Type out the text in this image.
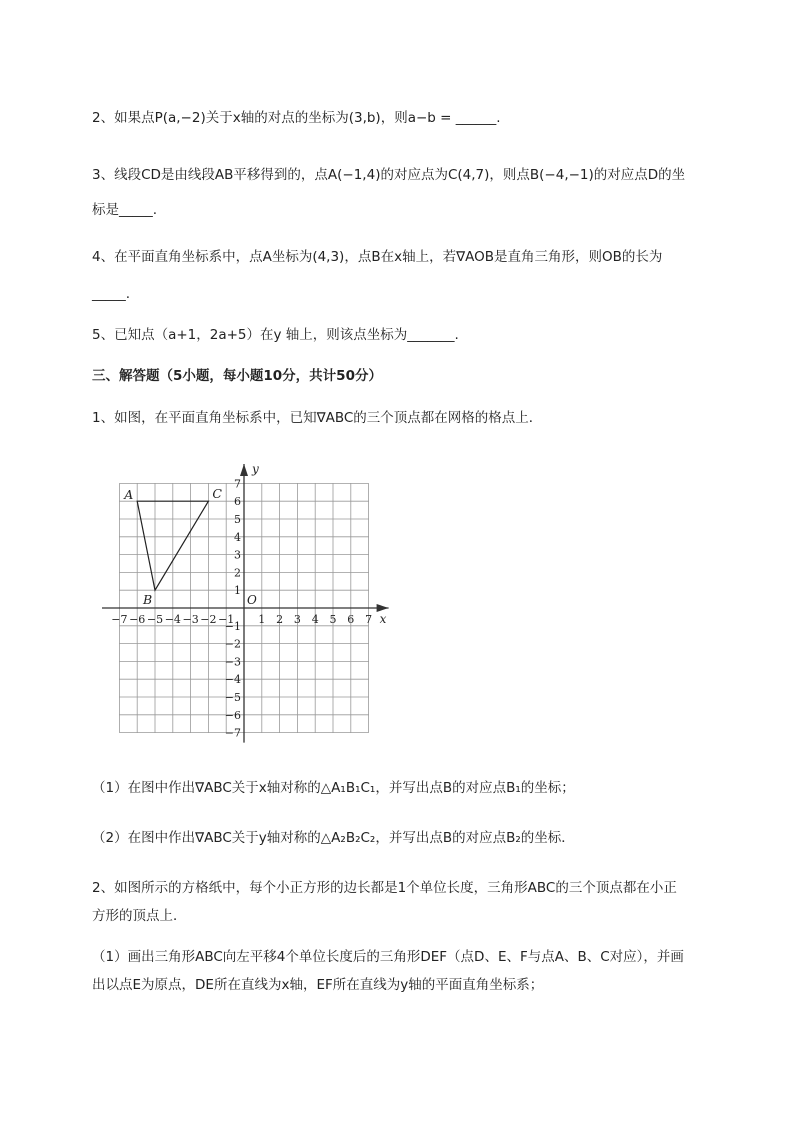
2、如果点P(a,−2)关于x轴的对点的坐标为(3,b)，则a−b = ______.
3、线段CD是由线段AB平移得到的，点A(−1,4)的对应点为C(4,7)，则点B(−4,−1)的对应点D的坐
标是_____.
4、在平面直角坐标系中，点A坐标为(4,3)，点B在x轴上，若∇AOB是直角三角形，则OB的长为
_____.
5、已知点（a+1，2a+5）在y 轴上，则该点坐标为_______.
三、解答题（5小题，每小题10分，共计50分）
1、如图，在平面直角坐标系中，已知∇ABC的三个顶点都在网格的格点上．
x
y
O
−7 −6 −5 −4 −3 −2 −1 1 2 3 4 5 6 7
7
6
5
4
3
2
1
−1
−2
−3
−4
−5
−6
−7
A
B
C
（1）在图中作出∇ABC关于x轴对称的△A₁B₁C₁，并写出点B的对应点B₁的坐标；
（2）在图中作出∇ABC关于y轴对称的△A₂B₂C₂，并写出点B的对应点B₂的坐标．
2、如图所示的方格纸中，每个小正方形的边长都是1个单位长度，三角形ABC的三个顶点都在小正
方形的顶点上．
（1）画出三角形ABC向左平移4个单位长度后的三角形DEF（点D、E、F与点A、B、C对应），并画
出以点E为原点，DE所在直线为x轴，EF所在直线为y轴的平面直角坐标系；
